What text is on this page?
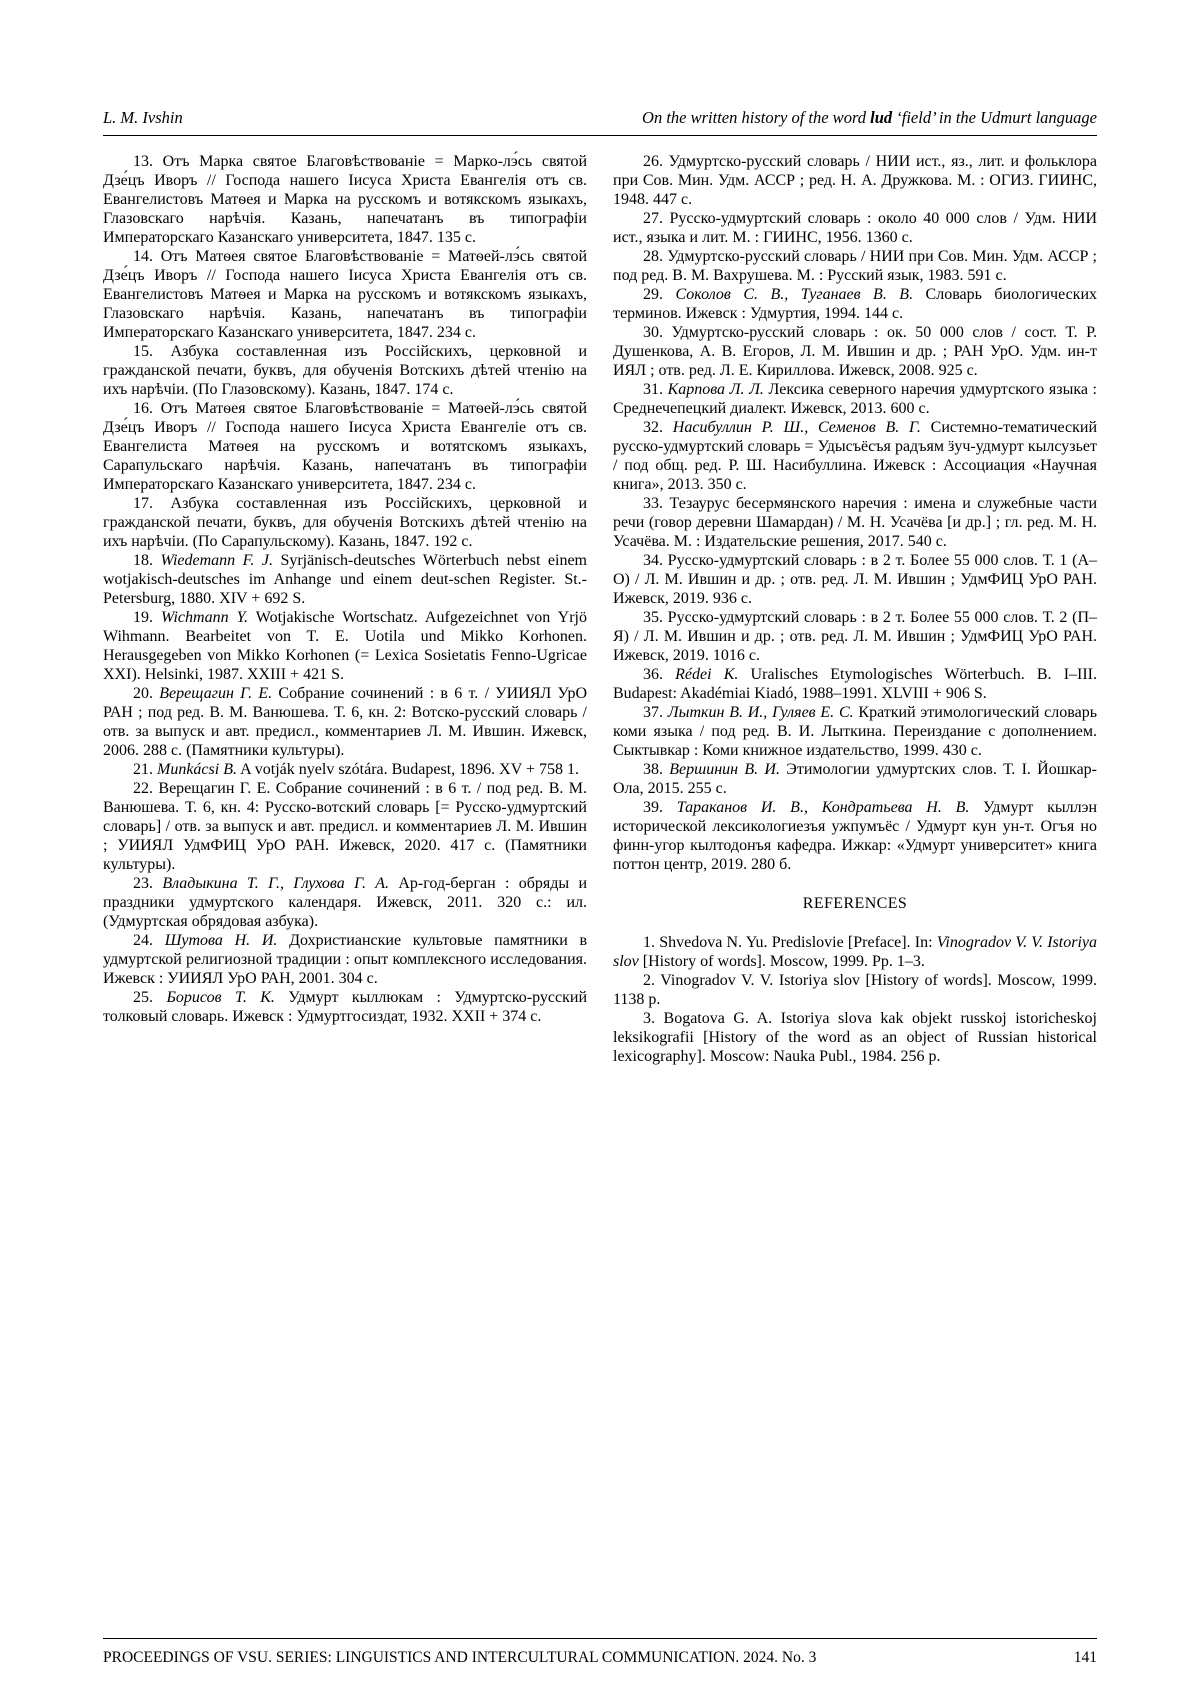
L. M. Ivshin	On the written history of the word lud ‘field’ in the Udmurt language

13. Отъ Марка святое Благовѣствованіе = Марко-лэ́сь святой Дзе́цъ Иворъ // Господа нашего Іисуса Христа Евангелія отъ св. Евангелистовъ Матѳея и Марка на русскомъ и вотякскомъ языкахъ, Глазовскаго нарѣчія. Казань, напечатанъ въ типографіи Императорскаго Казанскаго университета, 1847. 135 с.

14. Отъ Матѳея святое Благовѣствованіе = Матѳей-лэ́сь святой Дзе́цъ Иворъ // Господа нашего Іисуса Христа Евангелія отъ св. Евангелистовъ Матѳея и Марка на русскомъ и вотякскомъ языкахъ, Глазовскаго нарѣчія. Казань, напечатанъ въ типографіи Императорскаго Казанскаго университета, 1847. 234 с.

15. Азбука составленная изъ Россійскихъ, церковной и гражданской печати, буквъ, для обученія Вотскихъ дѣтей чтенію на ихъ нарѣчіи. (По Глазовскому). Казань, 1847. 174 с.

16. Отъ Матѳея святое Благовѣствованіе = Матѳей-лэ́сь святой Дзе́цъ Иворъ // Господа нашего Іисуса Христа Евангеліе отъ св. Евангелиста Матѳея на русскомъ и вотятскомъ языкахъ, Сарапульскаго нарѣчія. Казань, напечатанъ въ типографіи Императорскаго Казанскаго университета, 1847. 234 с.

17. Азбука составленная изъ Россійскихъ, церковной и гражданской печати, буквъ, для обученія Вотскихъ дѣтей чтенію на ихъ нарѣчіи. (По Сарапульскому). Казань, 1847. 192 с.

18. Wiedemann F. J. Syrjänisch-deutsches Wörterbuch nebst einem wotjakisch-deutsches im Anhange und einem deut-schen Register. St.-Petersburg, 1880. XIV + 692 S.

19. Wichmann Y. Wotjakische Wortschatz. Aufgezeichnet von Yrjö Wihmann. Bearbeitet von T. E. Uotila und Mikko Korhonen. Herausgegeben von Mikko Korhonen (= Lexica Sosietatis Fenno-Ugricae XXI). Helsinki, 1987. XXIII + 421 S.

20. Верещагин Г. Е. Собрание сочинений : в 6 т. / УИИЯЛ УрО РАН ; под ред. В. М. Ванюшева. Т. 6, кн. 2: Вотско-русский словарь / отв. за выпуск и авт. предисл., комментариев Л. М. Ившин. Ижевск, 2006. 288 с. (Памятники культуры).

21. Munkácsi B. A votják nyelv szótára. Budapest, 1896. XV + 758 1.

22. Верещагин Г. Е. Собрание сочинений : в 6 т. / под ред. В. М. Ванюшева. Т. 6, кн. 4: Русско-вотский словарь [= Русско-удмуртский словарь] / отв. за выпуск и авт. предисл. и комментариев Л. М. Ившин ; УИИЯЛ УдмФИЦ УрО РАН. Ижевск, 2020. 417 с. (Памятники культуры).

23. Владыкина Т. Г., Глухова Г. А. Ар-год-берган : обряды и праздники удмуртского календаря. Ижевск, 2011. 320 с.: ил. (Удмуртская обрядовая азбука).

24. Шутова Н. И. Дохристианские культовые памятники в удмуртской религиозной традиции : опыт комплексного исследования. Ижевск : УИИЯЛ УрО РАН, 2001. 304 с.

25. Борисов Т. К. Удмурт кыллюкам : Удмуртско-русский толковый словарь. Ижевск : Удмуртгосиздат, 1932. XXII + 374 с.

26. Удмуртско-русский словарь / НИИ ист., яз., лит. и фольклора при Сов. Мин. Удм. АССР ; ред. Н. А. Дружкова. М. : ОГИЗ. ГИИНС, 1948. 447 с.

27. Русско-удмуртский словарь : около 40 000 слов / Удм. НИИ ист., языка и лит. М. : ГИИНС, 1956. 1360 с.

28. Удмуртско-русский словарь / НИИ при Сов. Мин. Удм. АССР ; под ред. В. М. Вахрушева. М. : Русский язык, 1983. 591 с.

29. Соколов С. В., Туганаев В. В. Словарь биологических терминов. Ижевск : Удмуртия, 1994. 144 с.

30. Удмуртско-русский словарь : ок. 50 000 слов / сост. Т. Р. Душенкова, А. В. Егоров, Л. М. Ившин и др. ; РАН УрО. Удм. ин-т ИЯЛ ; отв. ред. Л. Е. Кириллова. Ижевск, 2008. 925 с.

31. Карпова Л. Л. Лексика северного наречия удмуртского языка : Среднечепецкий диалект. Ижевск, 2013. 600 с.

32. Насибуллин Р. Ш., Семенов В. Г. Системно-тематический русско-удмуртский словарь = Удысъёсъя радъям ӟуч-удмурт кылсузьет / под общ. ред. Р. Ш. Насибуллина. Ижевск : Ассоциация «Научная книга», 2013. 350 с.

33. Тезаурус бесермянского наречия : имена и служебные части речи (говор деревни Шамардан) / М. Н. Усачёва [и др.] ; гл. ред. М. Н. Усачёва. М. : Издательские решения, 2017. 540 с.

34. Русско-удмуртский словарь : в 2 т. Более 55 000 слов. Т. 1 (А–О) / Л. М. Ившин и др. ; отв. ред. Л. М. Ившин ; УдмФИЦ УрО РАН. Ижевск, 2019. 936 с.

35. Русско-удмуртский словарь : в 2 т. Более 55 000 слов. Т. 2 (П–Я) / Л. М. Ившин и др. ; отв. ред. Л. М. Ившин ; УдмФИЦ УрО РАН. Ижевск, 2019. 1016 с.

36. Rédei K. Uralisches Etymologisches Wörterbuch. B. I–III. Budapest: Akadémiai Kiadó, 1988–1991. XLVIII + 906 S.

37. Лыткин В. И., Гуляев Е. С. Краткий этимологический словарь коми языка / под ред. В. И. Лыткина. Переиздание с дополнением. Сыктывкар : Коми книжное издательство, 1999. 430 с.

38. Вершинин В. И. Этимологии удмуртских слов. Т. I. Йошкар-Ола, 2015. 255 с.

39. Тараканов И. В., Кондратьева Н. В. Удмурт кыллэн исторической лексикологиезъя ужпумъёс / Удмурт кун ун-т. Огъя но финн-угор кылтодонъя кафедра. Ижкар: «Удмурт университет» книга поттон центр, 2019. 280 б.

REFERENCES

1. Shvedova N. Yu. Predislovie [Preface]. In: Vinogradov V. V. Istoriya slov [History of words]. Moscow, 1999. Pp. 1–3.

2. Vinogradov V. V. Istoriya slov [History of words]. Moscow, 1999. 1138 p.

3. Bogatova G. A. Istoriya slova kak objekt russkoj istoricheskoj leksikografii [History of the word as an object of Russian historical lexicography]. Moscow: Nauka Publ., 1984. 256 p.

PROCEEDINGS OF VSU. SERIES: LINGUISTICS AND INTERCULTURAL COMMUNICATION. 2024. No. 3	141
